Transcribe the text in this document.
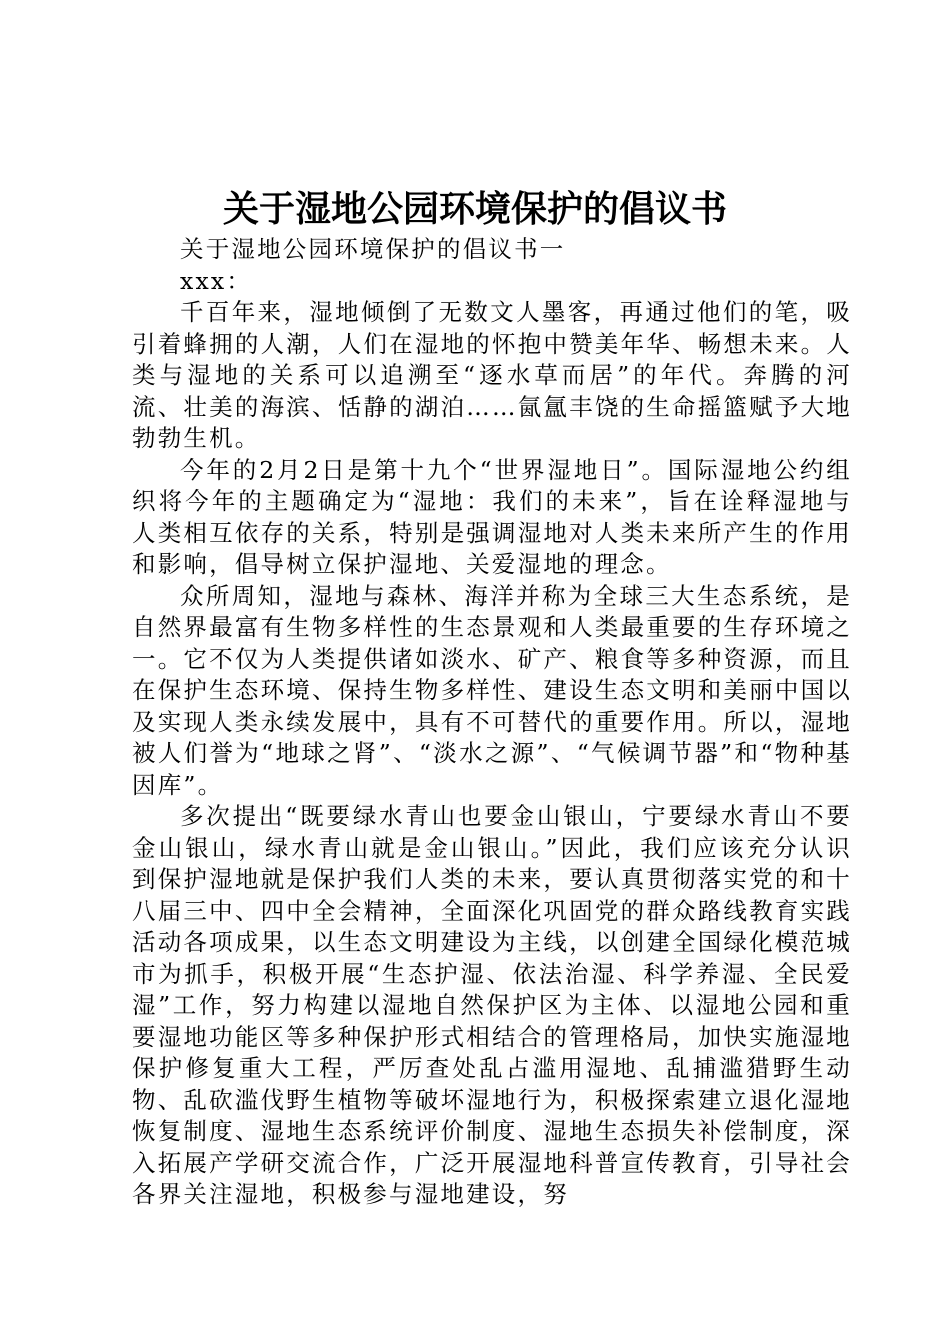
关于湿地公园环境保护的倡议书

关于湿地公园环境保护的倡议书一

xxx：

千百年来，湿地倾倒了无数文人墨客，再通过他们的笔，吸引着蜂拥的人潮，人们在湿地的怀抱中赞美年华、畅想未来。人类与湿地的关系可以追溯至“逐水草而居”的年代。奔腾的河流、壮美的海滨、恬静的湖泊……氤氲丰饶的生命摇篮赋予大地勃勃生机。

今年的2月2日是第十九个“世界湿地日”。国际湿地公约组织将今年的主题确定为“湿地：我们的未来”，旨在诠释湿地与人类相互依存的关系，特别是强调湿地对人类未来所产生的作用和影响，倡导树立保护湿地、关爱湿地的理念。

众所周知，湿地与森林、海洋并称为全球三大生态系统，是自然界最富有生物多样性的生态景观和人类最重要的生存环境之一。它不仅为人类提供诸如淡水、矿产、粮食等多种资源，而且在保护生态环境、保持生物多样性、建设生态文明和美丽中国以及实现人类永续发展中，具有不可替代的重要作用。所以，湿地被人们誉为“地球之肾”、“淡水之源”、“气候调节器”和“物种基因库”。

多次提出“既要绿水青山也要金山银山，宁要绿水青山不要金山银山，绿水青山就是金山银山。”因此，我们应该充分认识到保护湿地就是保护我们人类的未来，要认真贯彻落实党的和十八届三中、四中全会精神，全面深化巩固党的群众路线教育实践活动各项成果，以生态文明建设为主线，以创建全国绿化模范城市为抓手，积极开展“生态护湿、依法治湿、科学养湿、全民爱湿”工作，努力构建以湿地自然保护区为主体、以湿地公园和重要湿地功能区等多种保护形式相结合的管理格局，加快实施湿地保护修复重大工程，严厉查处乱占滥用湿地、乱捕滥猎野生动物、乱砍滥伐野生植物等破坏湿地行为，积极探索建立退化湿地恢复制度、湿地生态系统评价制度、湿地生态损失补偿制度，深入拓展产学研交流合作，广泛开展湿地科普宣传教育，引导社会各界关注湿地，积极参与湿地建设，努
